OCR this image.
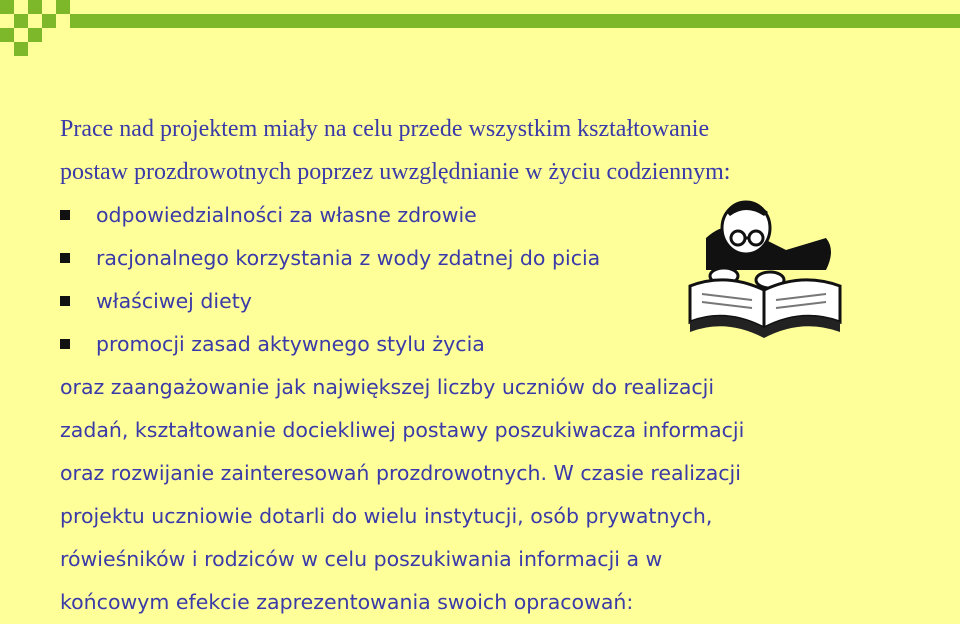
Prace nad projektem miały na celu przede wszystkim kształtowanie
postaw prozdrowotnych poprzez uwzględnianie w życiu codziennym:
odpowiedzialności za własne zdrowie
racjonalnego korzystania z wody zdatnej do picia
właściwej diety
promocji zasad aktywnego stylu życia
oraz zaangażowanie jak największej liczby uczniów do realizacji
zadań, kształtowanie dociekliwej postawy poszukiwacza informacji
oraz rozwijanie zainteresowań prozdrowotnych. W czasie realizacji
projektu uczniowie dotarli do wielu instytucji, osób prywatnych,
rówieśników i rodziców w celu poszukiwania informacji a w
końcowym efekcie zaprezentowania swoich opracowań:
